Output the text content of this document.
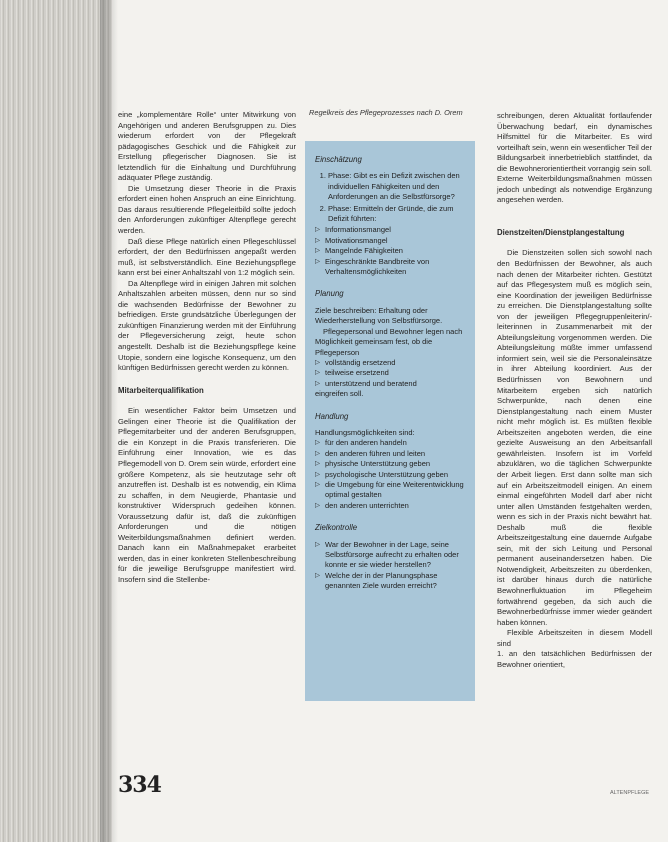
eine „komplementäre Rolle“ unter Mitwirkung von Angehörigen und anderen Berufsgruppen zu. Dies wiederum erfordert von der Pflegekraft pädagogisches Geschick und die Fähigkeit zur Erstellung pflegerischer Diagnosen. Sie ist letztendlich für die Einhaltung und Durchführung adäquater Pflege zuständig.

Die Umsetzung dieser Theorie in die Praxis erfordert einen hohen Anspruch an eine Einrichtung. Das daraus resultierende Pflegeleitbild sollte jedoch den Anforderungen zukünftiger Altenpflege gerecht werden.

Daß diese Pflege natürlich einen Pflegeschlüssel erfordert, der den Bedürfnissen angepaßt werden muß, ist selbstverständlich. Eine Beziehungspflege kann erst bei einer Anhaltszahl von 1:2 möglich sein.

Da Altenpflege wird in einigen Jahren mit solchen Anhaltszahlen arbeiten müssen, denn nur so sind die wachsenden Bedürfnisse der Bewohner zu befriedigen. Erste grundsätzliche Überlegungen der zukünftigen Finanzierung werden mit der Einführung der Pflegeversicherung zeigt, heute schon angestellt. Deshalb ist die Beziehungspflege keine Utopie, sondern eine logische Konsequenz, um den künftigen Bedürfnissen gerecht werden zu können.

Mitarbeiterqualifikation

Ein wesentlicher Faktor beim Umsetzen und Gelingen einer Theorie ist die Qualifikation der Pflegemitarbeiter und der anderen Berufsgruppen, die ein Konzept in die Praxis transferieren. Die Einführung einer Innovation, wie es das Pflegemodell von D. Orem sein würde, erfordert eine größere Kompetenz, als sie heutzutage sehr oft anzutreffen ist. Deshalb ist es notwendig, ein Klima zu schaffen, in dem Neugierde, Phantasie und konstruktiver Widerspruch gedeihen können. Voraussetzung dafür ist, daß die zukünftigen Anforderungen und die nötigen Weiterbildungsmaßnahmen definiert werden. Danach kann ein Maßnahmepaket erarbeitet werden, das in einer konkreten Stellenbeschreibung für die jeweilige Berufsgruppe manifestiert wird. Insofern sind die Stellenbe-

Regelkreis des Pflegeprozesses nach D. Orem
Einschätzung
1. Phase: Gibt es ein Defizit zwischen den individuellen Fähigkeiten und den Anforderungen an die Selbstfürsorge?
2. Phase: Ermitteln der Gründe, die zum Defizit führten:
▷ Informationsmangel
▷ Motivationsmangel
▷ Mangelnde Fähigkeiten
▷ Eingeschränkte Bandbreite von Verhaltensmöglichkeiten
Planung

Ziele beschreiben: Erhaltung oder Wiederherstellung von Selbstfürsorge.

Pflegepersonal und Bewohner legen nach Möglichkeit gemeinsam fest, ob die Pflegeperson

▷ vollständig ersetzend
▷ teilweise ersetzend
▷ unterstützend und beratend

eingreifen soll.

Handlung

Handlungsmöglichkeiten sind:

▷ für den anderen handeln
▷ den anderen führen und leiten
▷ physische Unterstützung geben
▷ psychologische Unterstützung geben
▷ die Umgebung für eine Weiterentwicklung optimal gestalten
▷ den anderen unterrichten
Zielkontrolle
▷ War der Bewohner in der Lage, seine Selbstfürsorge aufrecht zu erhalten oder konnte er sie wieder herstellen?
▷ Welche der in der Planungsphase genannten Ziele wurden erreicht?

schreibungen, deren Aktualität fortlaufender Überwachung bedarf, ein dynamisches Hilfsmittel für die Mitarbeiter. Es wird vorteilhaft sein, wenn ein wesentlicher Teil der Bildungsarbeit innerbetrieblich stattfindet, da die Bewohnerorientiertheit vorrangig sein soll. Externe Weiterbildungsmaßnahmen müssen jedoch unbedingt als notwendige Ergänzung angesehen werden.

Dienstzeiten/Dienstplangestaltung

Die Dienstzeiten sollen sich sowohl nach den Bedürfnissen der Bewohner, als auch nach denen der Mitarbeiter richten. Gestützt auf das Pflegesystem muß es möglich sein, eine Koordination der jeweiligen Bedürfnisse zu erreichen. Die Dienstplangestaltung sollte von der jeweiligen Pflegegruppenleiterin/-leiterinnen in Zusammenarbeit mit der Abteilungsleitung vorgenommen werden. Die Abteilungsleitung müßte immer umfassend informiert sein, weil sie die Personaleinsätze in ihrer Abteilung koordiniert. Aus der Bedürfnissen von Bewohnern und Mitarbeitern ergeben sich natürlich Schwerpunkte, nach denen eine Dienstplangestaltung nach einem Muster nicht mehr möglich ist. Es müßten flexible Arbeitszeiten angeboten werden, die eine gezielte Ausweisung an den Arbeitsanfall gewährleisten. Insofern ist im Vorfeld abzuklären, wo die täglichen Schwerpunkte der Arbeit liegen. Erst dann sollte man sich auf ein Arbeitszeitmodell einigen. An einem einmal eingeführten Modell darf aber nicht unter allen Umständen festgehalten werden, wenn es sich in der Praxis nicht bewährt hat. Deshalb muß die flexible Arbeitszeitgestaltung eine dauernde Aufgabe sein, mit der sich Leitung und Personal permanent auseinandersetzen haben. Die Notwendigkeit, Arbeitszeiten zu überdenken, ist darüber hinaus durch die natürliche Bewohnerfluktuation im Pflegeheim fortwährend gegeben, da sich auch die Bewohnerbedürfnisse immer wieder geändert haben können.

Flexible Arbeitszeiten in diesem Modell sind

1. an den tatsächlichen Bedürfnissen der Bewohner orientiert,

334	ALTENPFLEGE
